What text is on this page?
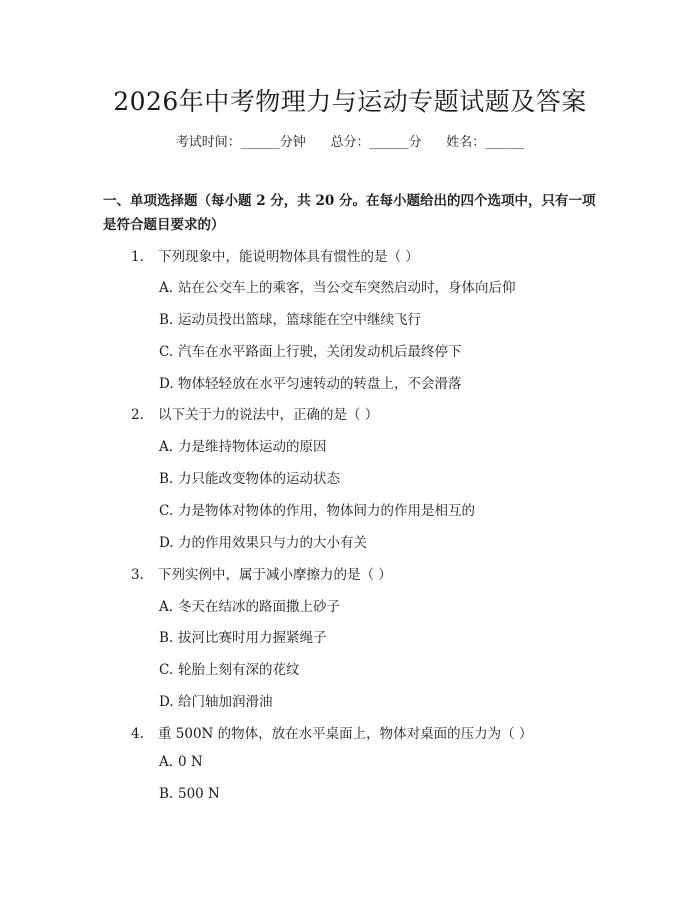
2026年中考物理力与运动专题试题及答案
考试时间：______分钟      总分：______分      姓名：______

一、单项选择题（每小题 2 分，共 20 分。在每小题给出的四个选项中，只有一项是符合题目要求的）

1. 下列现象中，能说明物体具有惯性的是（ ）
A. 站在公交车上的乘客，当公交车突然启动时，身体向后仰
B. 运动员投出篮球，篮球能在空中继续飞行
C. 汽车在水平路面上行驶，关闭发动机后最终停下
D. 物体轻轻放在水平匀速转动的转盘上，不会滑落
2. 以下关于力的说法中，正确的是（ ）
A. 力是维持物体运动的原因
B. 力只能改变物体的运动状态
C. 力是物体对物体的作用，物体间力的作用是相互的
D. 力的作用效果只与力的大小有关
3. 下列实例中，属于减小摩擦力的是（ ）
A. 冬天在结冰的路面撒上砂子
B. 拔河比赛时用力握紧绳子
C. 轮胎上刻有深的花纹
D. 给门轴加润滑油
4. 重 500N 的物体，放在水平桌面上，物体对桌面的压力为（ ）
A. 0 N
B. 500 N
